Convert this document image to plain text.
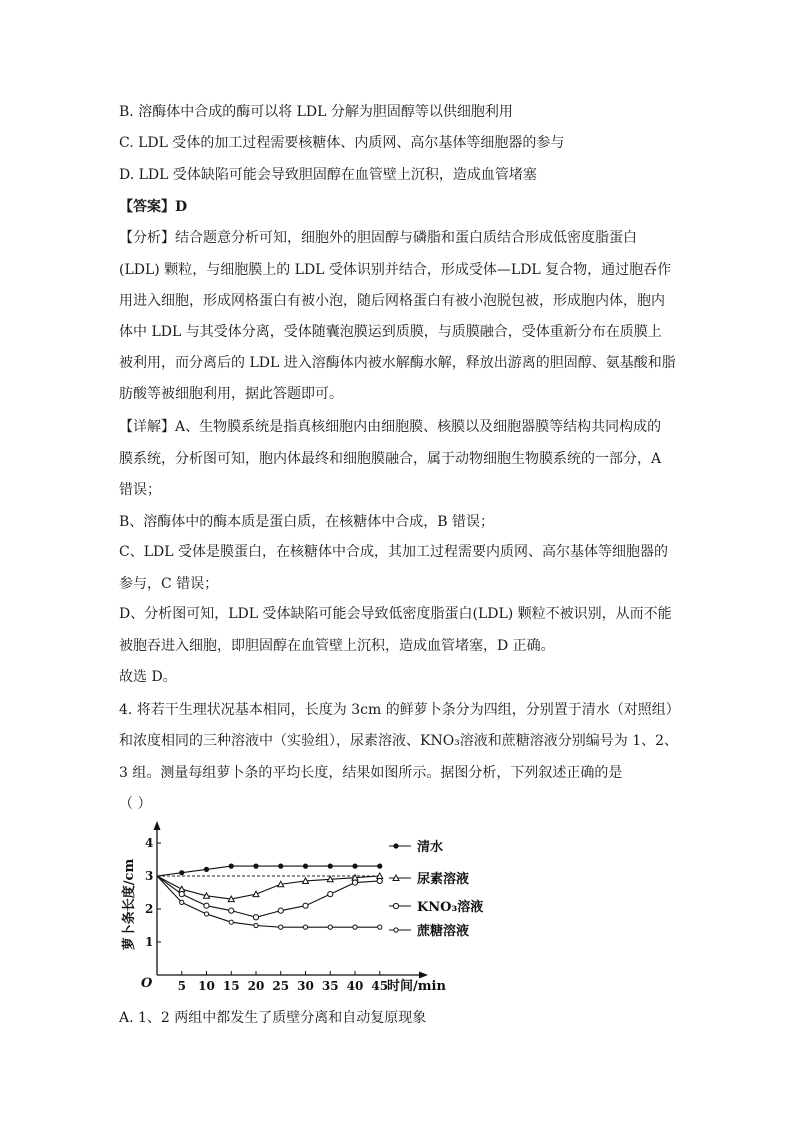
B. 溶酶体中合成的酶可以将 LDL 分解为胆固醇等以供细胞利用
C. LDL 受体的加工过程需要核糖体、内质网、高尔基体等细胞器的参与
D. LDL 受体缺陷可能会导致胆固醇在血管壁上沉积，造成血管堵塞
【答案】D
【分析】结合题意分析可知，细胞外的胆固醇与磷脂和蛋白质结合形成低密度脂蛋白
(LDL) 颗粒，与细胞膜上的 LDL 受体识别并结合，形成受体—LDL 复合物，通过胞吞作
用进入细胞，形成网格蛋白有被小泡，随后网格蛋白有被小泡脱包被，形成胞内体，胞内
体中 LDL 与其受体分离，受体随囊泡膜运到质膜，与质膜融合，受体重新分布在质膜上
被利用，而分离后的 LDL 进入溶酶体内被水解酶水解，释放出游离的胆固醇、氨基酸和脂
肪酸等被细胞利用，据此答题即可。
【详解】A、生物膜系统是指真核细胞内由细胞膜、核膜以及细胞器膜等结构共同构成的
膜系统，分析图可知，胞内体最终和细胞膜融合，属于动物细胞生物膜系统的一部分，A
错误；
B、溶酶体中的酶本质是蛋白质，在核糖体中合成，B 错误；
C、LDL 受体是膜蛋白，在核糖体中合成，其加工过程需要内质网、高尔基体等细胞器的
参与，C 错误；
D、分析图可知，LDL 受体缺陷可能会导致低密度脂蛋白(LDL) 颗粒不被识别，从而不能
被胞吞进入细胞，即胆固醇在血管壁上沉积，造成血管堵塞，D 正确。
故选 D。
4. 将若干生理状况基本相同，长度为 3cm 的鲜萝卜条分为四组，分别置于清水（对照组）
和浓度相同的三种溶液中（实验组），尿素溶液、KNO₃溶液和蔗糖溶液分别编号为 1、2、
3 组。测量每组萝卜条的平均长度，结果如图所示。据图分析，下列叙述正确的是
（ ）
1
2
3
4
5 10 15 20 25 30 35 40 45
O	时间/min
萝卜条长度/cm
清水
尿素溶液
KNO₃溶液
蔗糖溶液
A. 1、2 两组中都发生了质壁分离和自动复原现象
